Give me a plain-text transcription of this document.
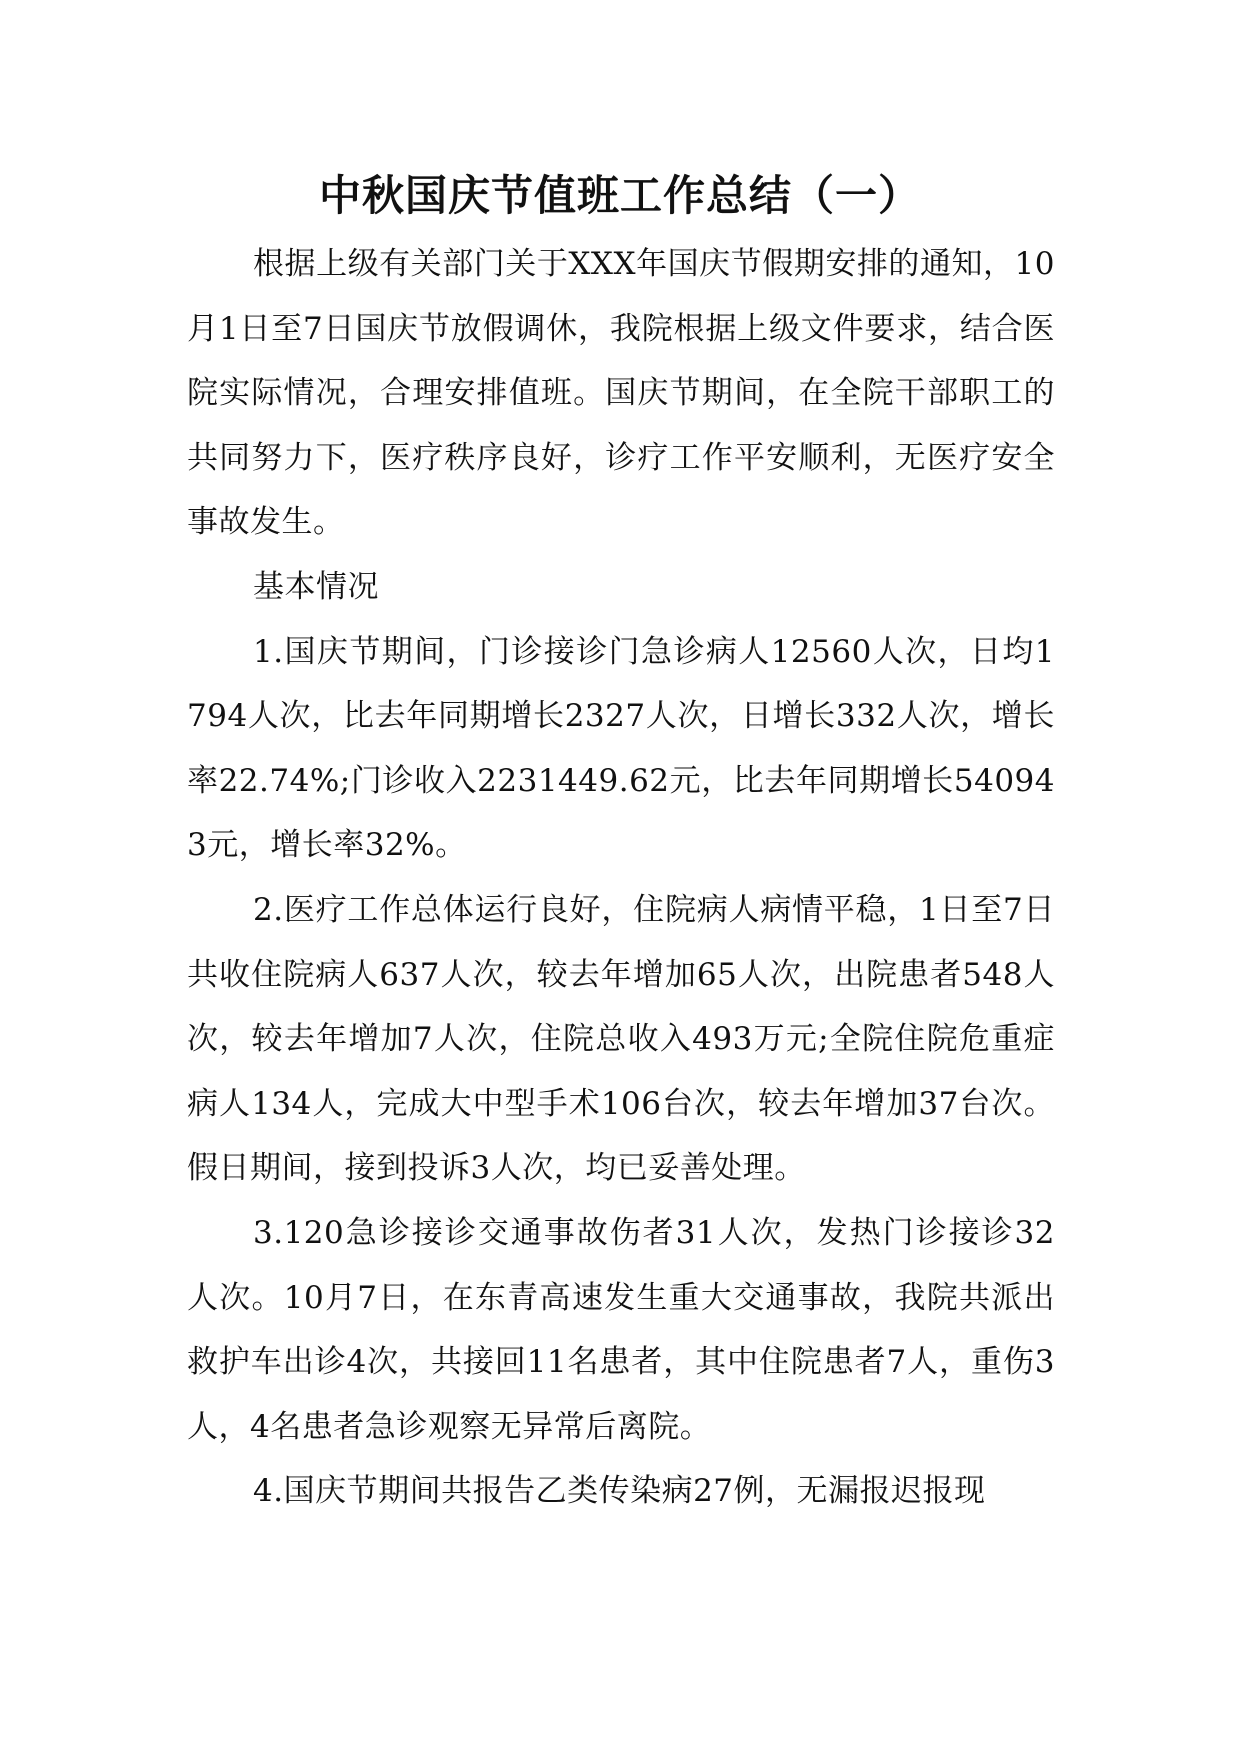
中秋国庆节值班工作总结（一）

根据上级有关部门关于XXX年国庆节假期安排的通知，10月1日至7日国庆节放假调休，我院根据上级文件要求，结合医院实际情况，合理安排值班。国庆节期间，在全院干部职工的共同努力下，医疗秩序良好，诊疗工作平安顺利，无医疗安全事故发生。

基本情况

1.国庆节期间，门诊接诊门急诊病人12560人次，日均1794人次，比去年同期增长2327人次，日增长332人次，增长率22.74%;门诊收入2231449.62元，比去年同期增长540943元，增长率32%。

2.医疗工作总体运行良好，住院病人病情平稳，1日至7日共收住院病人637人次，较去年增加65人次，出院患者548人次，较去年增加7人次，住院总收入493万元;全院住院危重症病人134人，完成大中型手术106台次，较去年增加37台次。假日期间，接到投诉3人次，均已妥善处理。

3.120急诊接诊交通事故伤者31人次，发热门诊接诊32人次。10月7日，在东青高速发生重大交通事故，我院共派出救护车出诊4次，共接回11名患者，其中住院患者7人，重伤3人，4名患者急诊观察无异常后离院。

4.国庆节期间共报告乙类传染病27例，无漏报迟报现
